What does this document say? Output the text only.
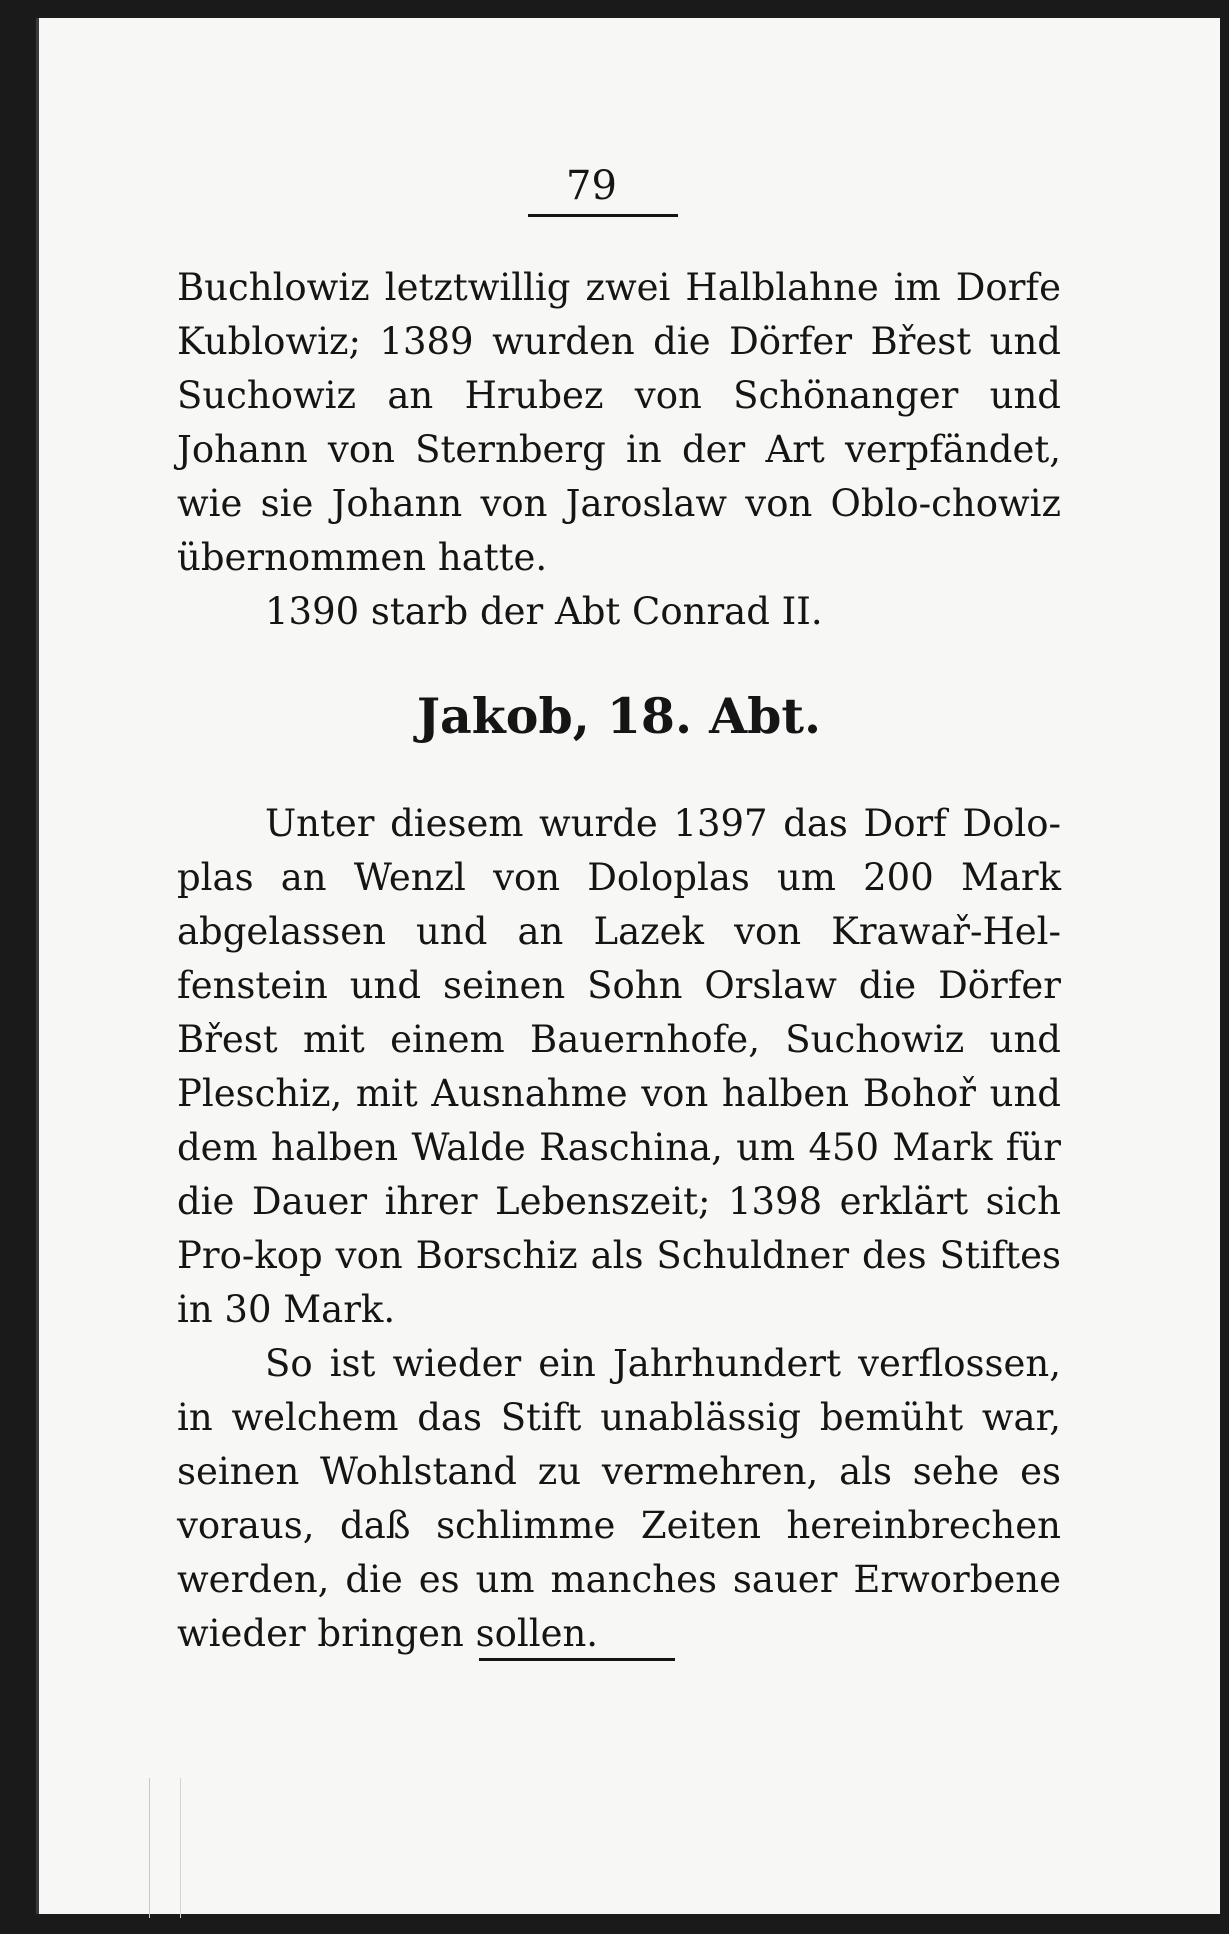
79

Buchlowiz letztwillig zwei Halblahne im Dorfe Kublowiz; 1389 wurden die Dörfer Břest und Suchowiz an Hrubez von Schönanger und Johann von Sternberg in der Art verpfändet, wie sie Johann von Jaroslaw von Oblo-chowiz übernommen hatte.

1390 starb der Abt Conrad II.

Jakob, 18. Abt.

Unter diesem wurde 1397 das Dorf Dolo-plas an Wenzl von Doloplas um 200 Mark abgelassen und an Lazek von Krawař-Hel-fenstein und seinen Sohn Orslaw die Dörfer Břest mit einem Bauernhofe, Suchowiz und Pleschiz, mit Ausnahme von halben Bohoř und dem halben Walde Raschina, um 450 Mark für die Dauer ihrer Lebenszeit; 1398 erklärt sich Pro-kop von Borschiz als Schuldner des Stiftes in 30 Mark.

So ist wieder ein Jahrhundert verflossen, in welchem das Stift unablässig bemüht war, seinen Wohlstand zu vermehren, als sehe es voraus, daß schlimme Zeiten hereinbrechen werden, die es um manches sauer Erworbene wieder bringen sollen.
